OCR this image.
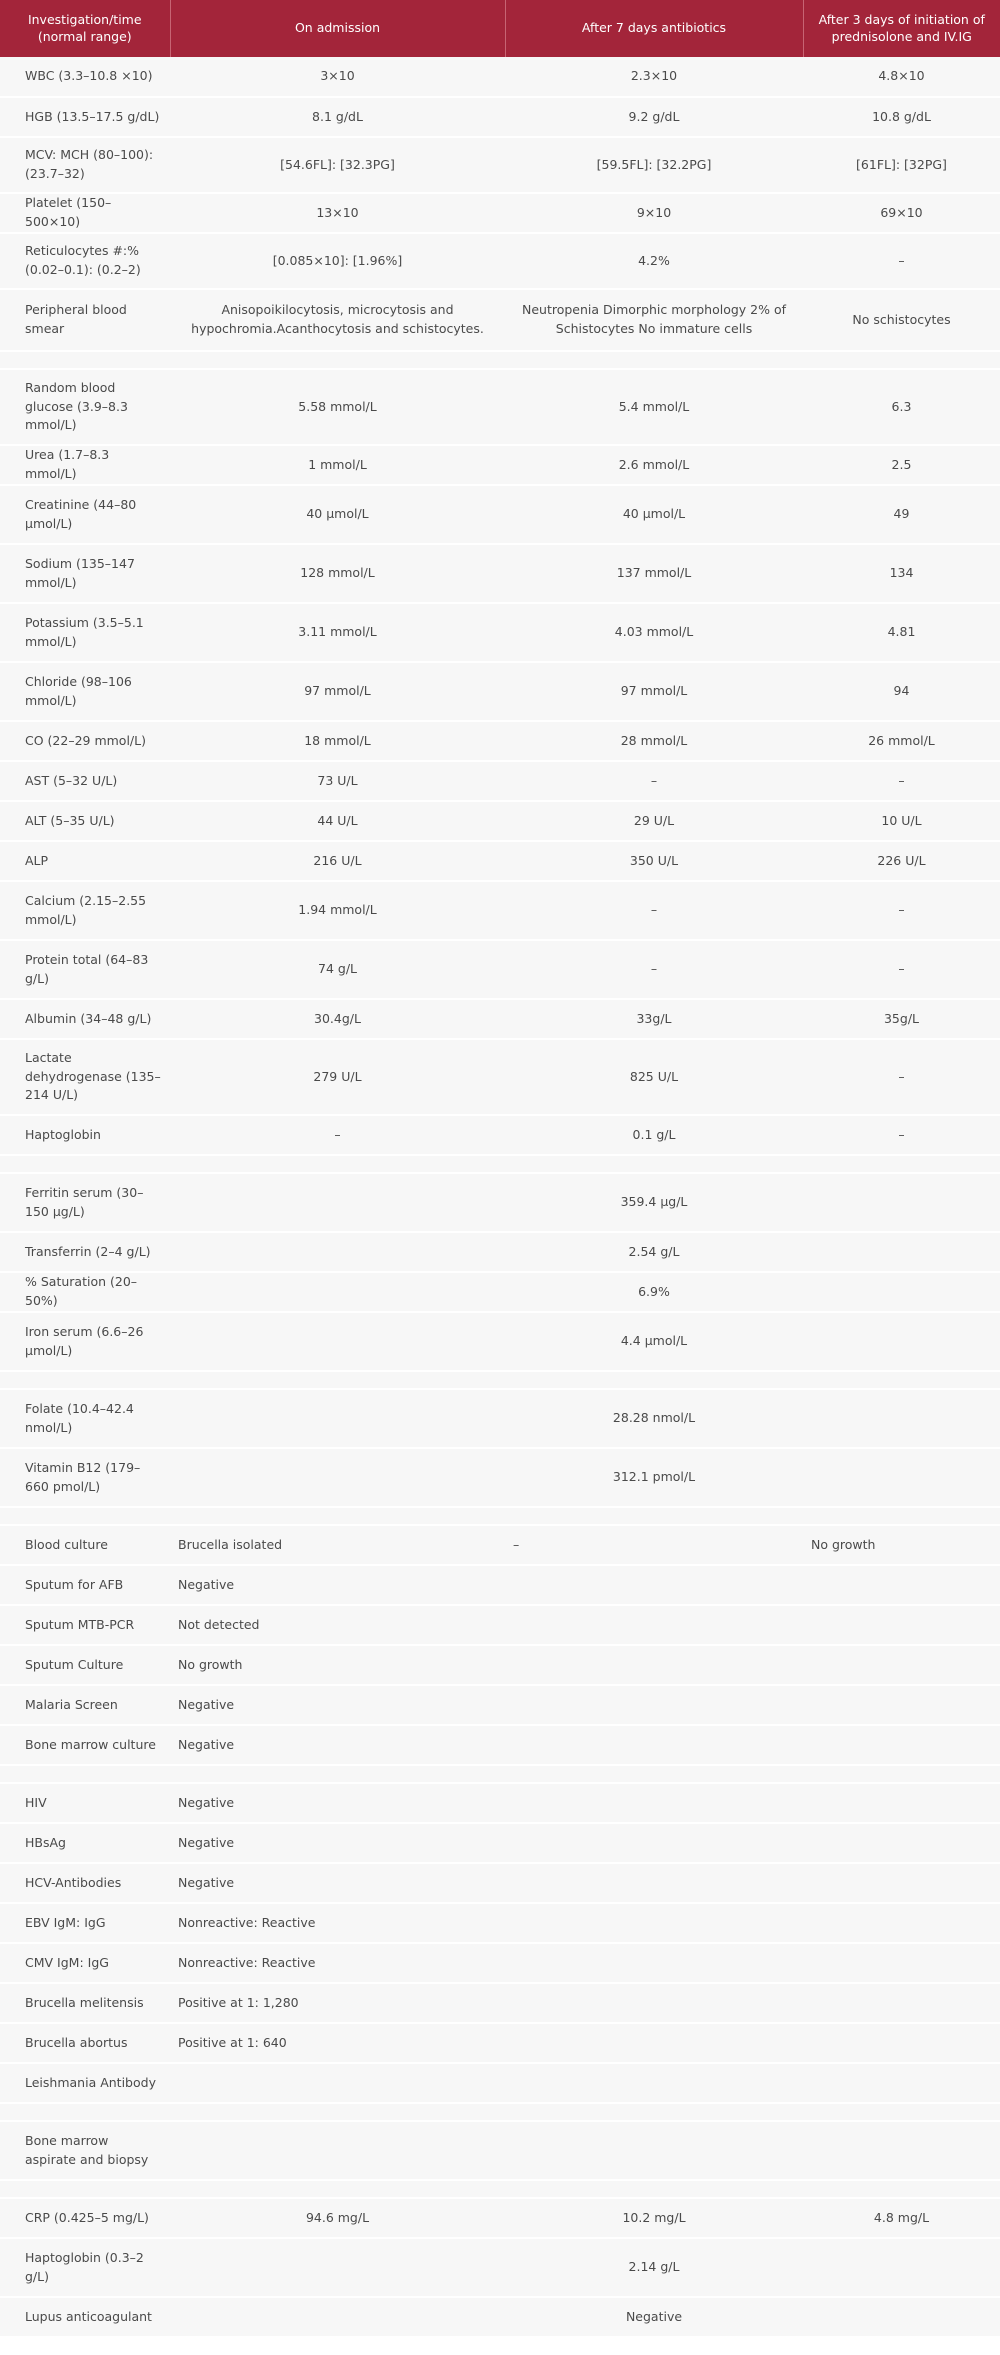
Investigation/time (normal range)	On admission	After 7 days antibiotics	After 3 days of initiation of prednisolone and IV.IG
WBC (3.3–10.8 ×10)	3×10	2.3×10	4.8×10
HGB (13.5–17.5 g/dL)	8.1 g/dL	9.2 g/dL	10.8 g/dL
MCV: MCH (80–100): (23.7–32)	[54.6FL]: [32.3PG]	[59.5FL]: [32.2PG]	[61FL]: [32PG]
Platelet (150–500×10)	13×10	9×10	69×10
Reticulocytes #:% (0.02–0.1): (0.2–2)	[0.085×10]: [1.96%]	4.2%	–
Peripheral blood smear	Anisopoikilocytosis, microcytosis and hypochromia.Acanthocytosis and schistocytes.	Neutropenia Dimorphic morphology 2% of Schistocytes No immature cells	No schistocytes

Random blood glucose (3.9–8.3 mmol/L)	5.58 mmol/L	5.4 mmol/L	6.3
Urea (1.7–8.3 mmol/L)	1 mmol/L	2.6 mmol/L	2.5
Creatinine (44–80 μmol/L)	40 μmol/L	40 μmol/L	49
Sodium (135–147 mmol/L)	128 mmol/L	137 mmol/L	134
Potassium (3.5–5.1 mmol/L)	3.11 mmol/L	4.03 mmol/L	4.81
Chloride (98–106 mmol/L)	97 mmol/L	97 mmol/L	94
CO (22–29 mmol/L)	18 mmol/L	28 mmol/L	26 mmol/L
AST (5–32 U/L)	73 U/L	–	–
ALT (5–35 U/L)	44 U/L	29 U/L	10 U/L
ALP	216 U/L	350 U/L	226 U/L
Calcium (2.15–2.55 mmol/L)	1.94 mmol/L	–	–
Protein total (64–83 g/L)	74 g/L	–	–
Albumin (34–48 g/L)	30.4g/L	33g/L	35g/L
Lactate dehydrogenase (135–214 U/L)	279 U/L	825 U/L	–
Haptoglobin	–	0.1 g/L	–

Ferritin serum (30–150 μg/L)		359.4 μg/L	
Transferrin (2–4 g/L)		2.54 g/L	
% Saturation (20–50%)		6.9%	
Iron serum (6.6–26 μmol/L)		4.4 μmol/L	

Folate (10.4–42.4 nmol/L)		28.28 nmol/L	
Vitamin B12 (179–660 pmol/L)		312.1 pmol/L	

Blood culture	Brucella isolated	–	No growth
Sputum for AFB	Negative		
Sputum MTB-PCR	Not detected		
Sputum Culture	No growth		
Malaria Screen	Negative		
Bone marrow culture	Negative		

HIV	Negative		
HBsAg	Negative		
HCV-Antibodies	Negative		
EBV IgM: IgG	Nonreactive: Reactive		
CMV IgM: IgG	Nonreactive: Reactive		
Brucella melitensis	Positive at 1: 1,280		
Brucella abortus	Positive at 1: 640		
Leishmania Antibody			

Bone marrow aspirate and biopsy			

CRP (0.425–5 mg/L)	94.6 mg/L	10.2 mg/L	4.8 mg/L
Haptoglobin (0.3–2 g/L)		2.14 g/L	
Lupus anticoagulant		Negative	
